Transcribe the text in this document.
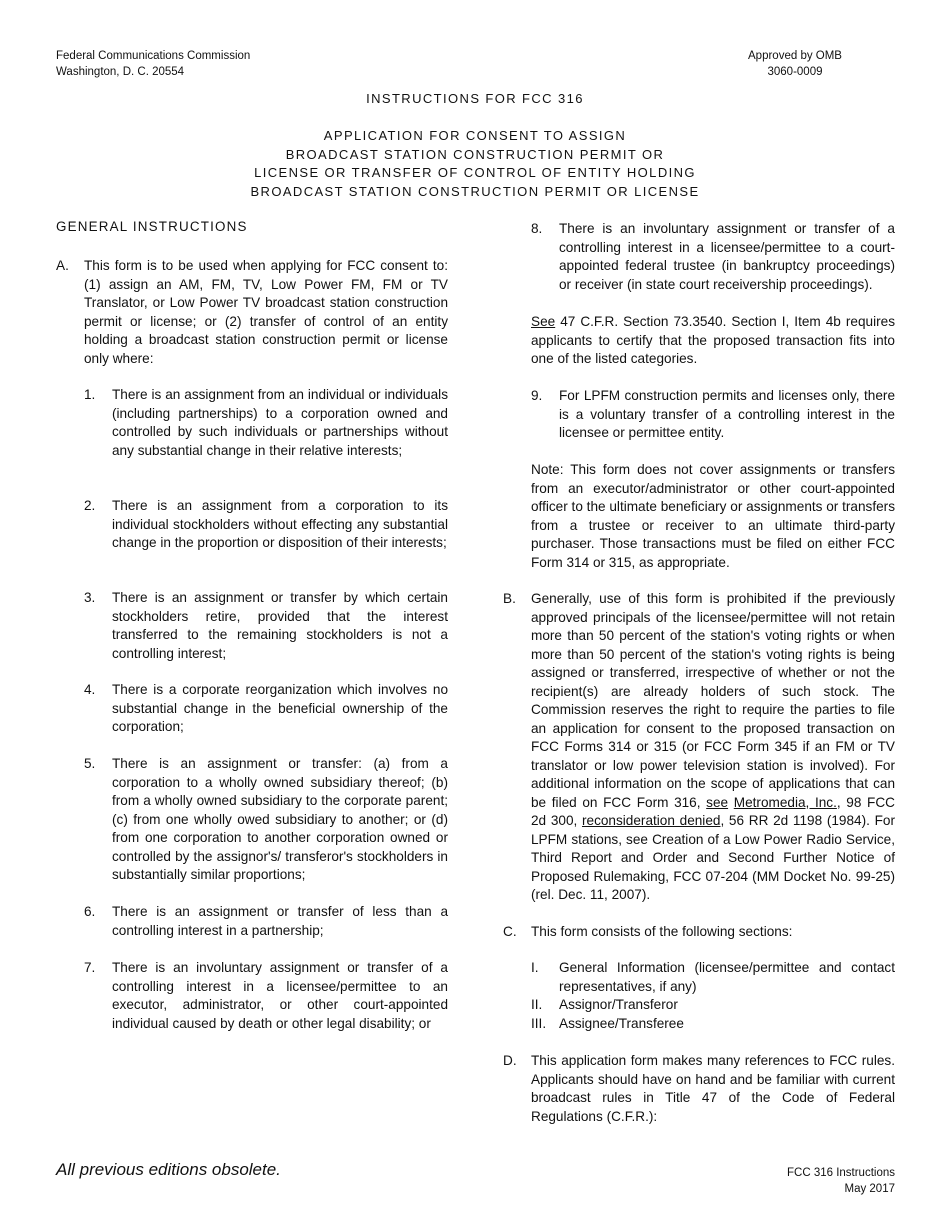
Federal Communications Commission
Washington, D. C. 20554
Approved by OMB
3060-0009
INSTRUCTIONS FOR FCC 316
APPLICATION FOR CONSENT TO ASSIGN
BROADCAST STATION CONSTRUCTION PERMIT OR
LICENSE OR TRANSFER OF CONTROL OF ENTITY HOLDING
BROADCAST STATION CONSTRUCTION PERMIT OR LICENSE
GENERAL INSTRUCTIONS
A.	This form is to be used when applying for FCC consent to: (1) assign an AM, FM, TV, Low Power FM, FM or TV Translator, or Low Power TV broadcast station construction permit or license; or (2) transfer of control of an entity holding a broadcast station construction permit or license only where:

1.	There is an assignment from an individual or individuals (including partnerships) to a corporation owned and controlled by such individuals or partnerships without any substantial change in their relative interests;

2.	There is an assignment from a corporation to its individual stockholders without effecting any substantial change in the proportion or disposition of their interests;

3.	There is an assignment or transfer by which certain stockholders retire, provided that the interest transferred to the remaining stockholders is not a controlling interest;

4.	There is a corporate reorganization which involves no substantial change in the beneficial ownership of the corporation;

5.	There is an assignment or transfer: (a) from a corporation to a wholly owned subsidiary thereof; (b) from a wholly owned subsidiary to the corporate parent; (c) from one wholly owed subsidiary to another; or (d) from one corporation to another corporation owned or controlled by the assignor's/ transferor's stockholders in substantially similar proportions;

6.	There is an assignment or transfer of less than a controlling interest in a partnership;

7.	There is an involuntary assignment or transfer of a controlling interest in a licensee/permittee to an executor, administrator, or other court-appointed individual caused by death or other legal disability; or

8.	There is an involuntary assignment or transfer of a controlling interest in a licensee/permittee to a court-appointed federal trustee (in bankruptcy proceedings) or receiver (in state court receivership proceedings).

See 47 C.F.R. Section 73.3540. Section I, Item 4b requires applicants to certify that the proposed transaction fits into one of the listed categories.

9.	For LPFM construction permits and licenses only, there is a voluntary transfer of a controlling interest in the licensee or permittee entity.

Note: This form does not cover assignments or transfers from an executor/administrator or other court-appointed officer to the ultimate beneficiary or assignments or transfers from a trustee or receiver to an ultimate third-party purchaser. Those transactions must be filed on either FCC Form 314 or 315, as appropriate.

B.	Generally, use of this form is prohibited if the previously approved principals of the licensee/permittee will not retain more than 50 percent of the station's voting rights or when more than 50 percent of the station's voting rights is being assigned or transferred, irrespective of whether or not the recipient(s) are already holders of such stock. The Commission reserves the right to require the parties to file an application for consent to the proposed transaction on FCC Forms 314 or 315 (or FCC Form 345 if an FM or TV translator or low power television station is involved). For additional information on the scope of applications that can be filed on FCC Form 316, see Metromedia, Inc., 98 FCC 2d 300, reconsideration denied, 56 RR 2d 1198 (1984). For LPFM stations, see Creation of a Low Power Radio Service, Third Report and Order and Second Further Notice of Proposed Rulemaking, FCC 07-204 (MM Docket No. 99-25)(rel. Dec. 11, 2007).

C.	This form consists of the following sections:

I.	General Information (licensee/permittee and contact representatives, if any)

II.	Assignor/Transferor

III. Assignee/Transferee

D.	This application form makes many references to FCC rules. Applicants should have on hand and be familiar with current broadcast rules in Title 47 of the Code of Federal Regulations (C.F.R.):

All previous editions obsolete.	FCC 316 Instructions
May 2017
